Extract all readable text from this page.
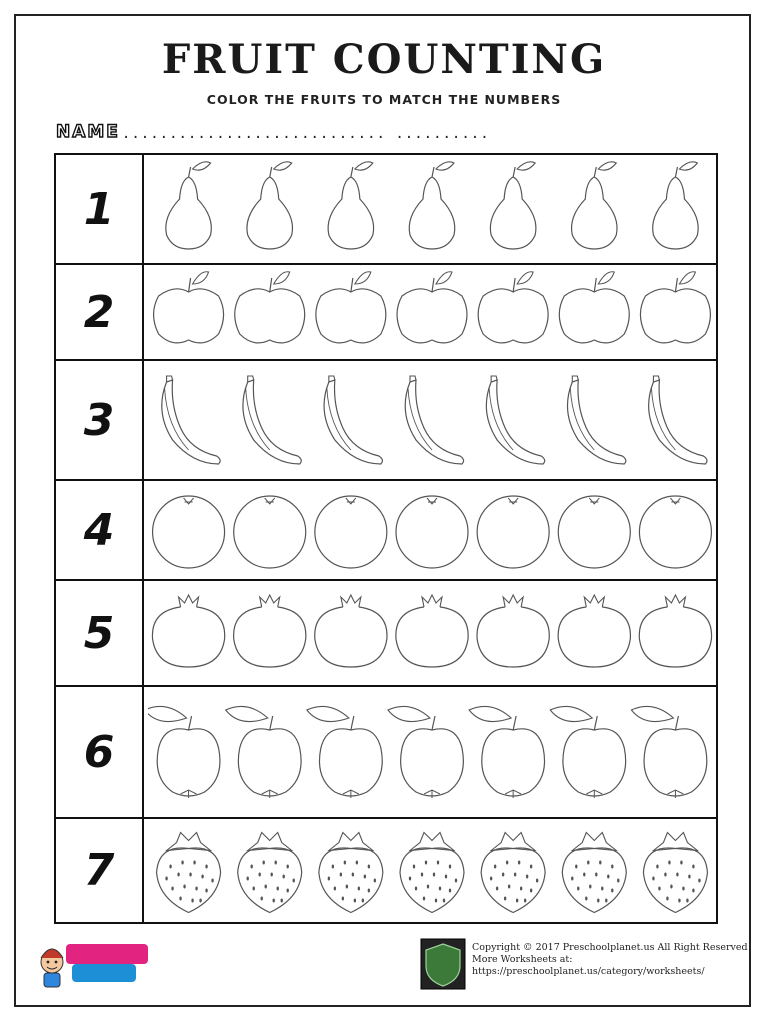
FRUIT COUNTING
COLOR THE FRUITS TO MATCH THE NUMBERS
NAME ............................ ..........
1
2
3
4
5
6
7
Copyright © 2017 Preschoolplanet.us All Right Reserved
More Worksheets at:
https://preschoolplanet.us/category/worksheets/
